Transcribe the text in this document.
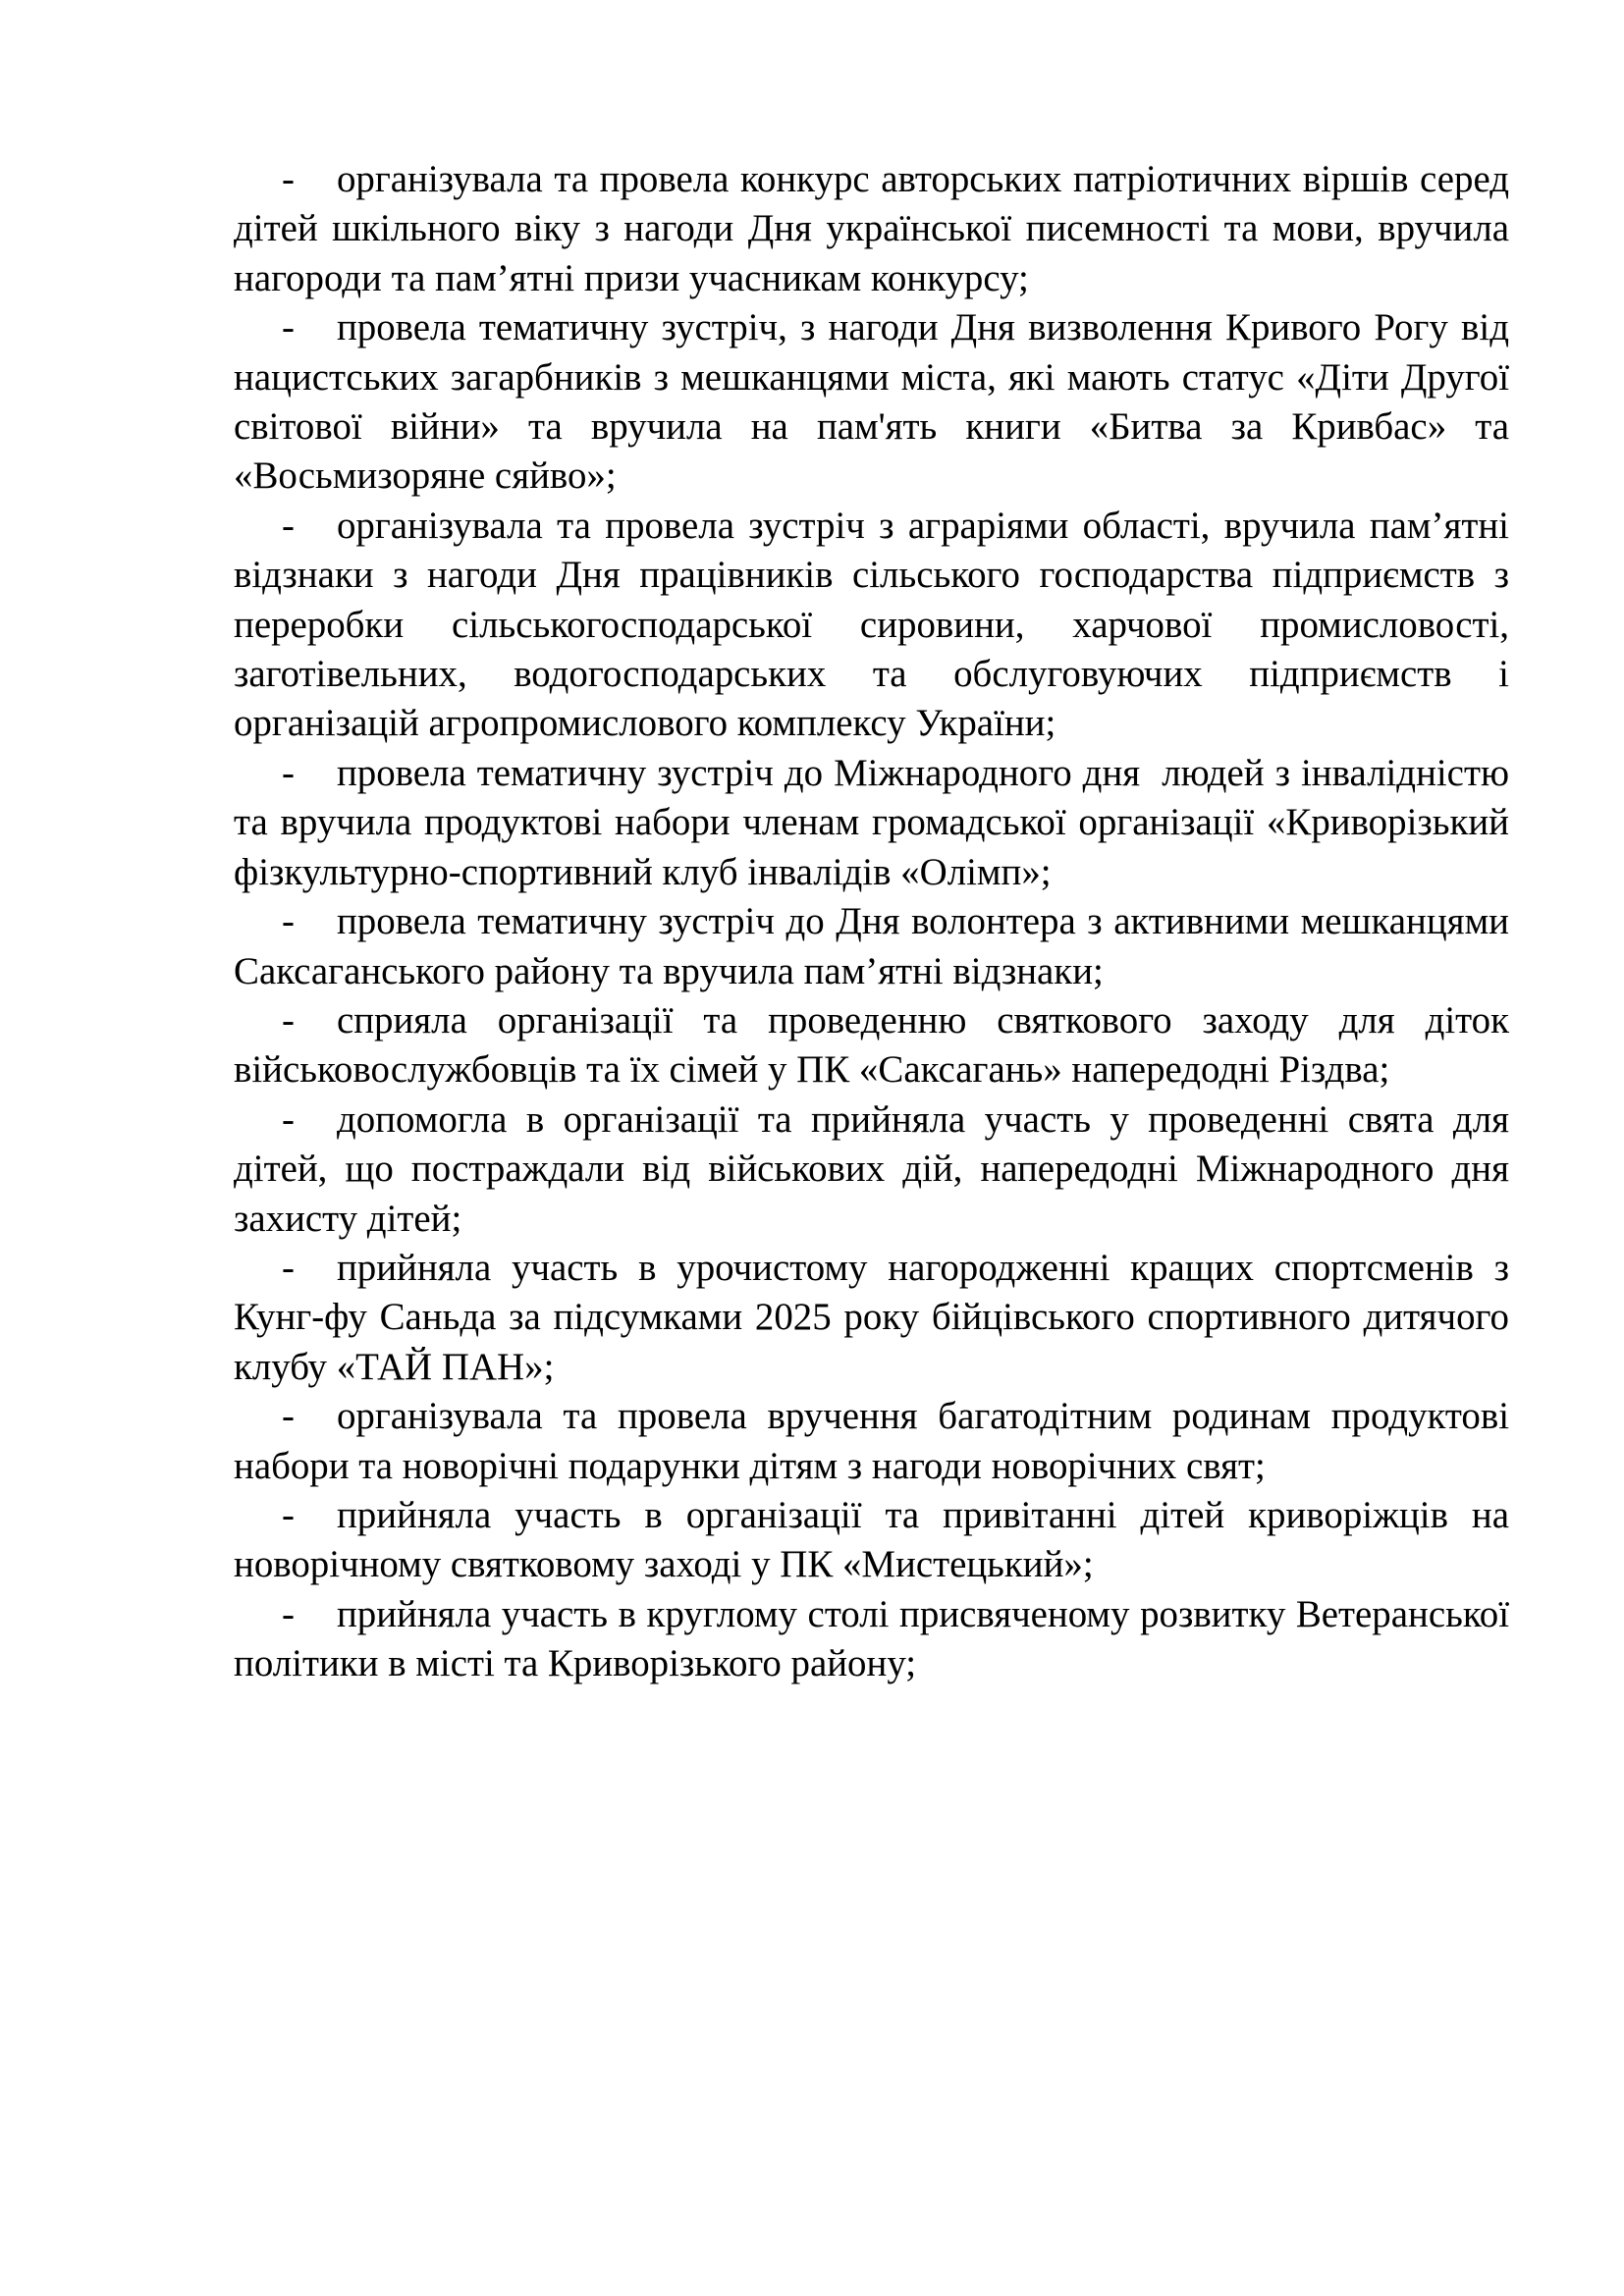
- організувала та провела конкурс авторських патріотичних віршів серед дітей шкільного віку з нагоди Дня української писемності та мови, вручила нагороди та пам’ятні призи учасникам конкурсу;

- провела тематичну зустріч, з нагоди Дня визволення Кривого Рогу від нацистських загарбників з мешканцями міста, які мають статус «Діти Другої світової війни» та вручила на пам'ять книги «Битва за Кривбас» та «Восьмизоряне сяйво»;

- організувала та провела зустріч з аграріями області, вручила пам’ятні відзнаки з нагоди Дня працівників сільського господарства підприємств з переробки сільськогосподарської сировини, харчової промисловості, заготівельних, водогосподарських та обслуговуючих підприємств і організацій агропромислового комплексу України;

- провела тематичну зустріч до Міжнародного дня  людей з інвалідністю та вручила продуктові набори членам громадської організації «Криворізький фізкультурно-спортивний клуб інвалідів «Олімп»;

- провела тематичну зустріч до Дня волонтера з активними мешканцями Саксаганського району та вручила пам’ятні відзнаки;

- сприяла організації та проведенню святкового заходу для діток військовослужбовців та їх сімей у ПК «Саксагань» напередодні Різдва;

- допомогла в організації та прийняла участь у проведенні свята для дітей, що постраждали від військових дій, напередодні Міжнародного дня захисту дітей;

- прийняла участь в урочистому нагородженні кращих спортсменів з Кунг-фу Саньда за підсумками 2025 року бійцівського спортивного дитячого клубу «ТАЙ ПАН»;

- організувала та провела вручення багатодітним родинам продуктові набори та новорічні подарунки дітям з нагоди новорічних свят;

- прийняла участь в організації та привітанні дітей криворіжців на новорічному святковому заході у ПК «Мистецький»;

- прийняла участь в круглому столі присвяченому розвитку Ветеранської політики в місті та Криворізького району;
